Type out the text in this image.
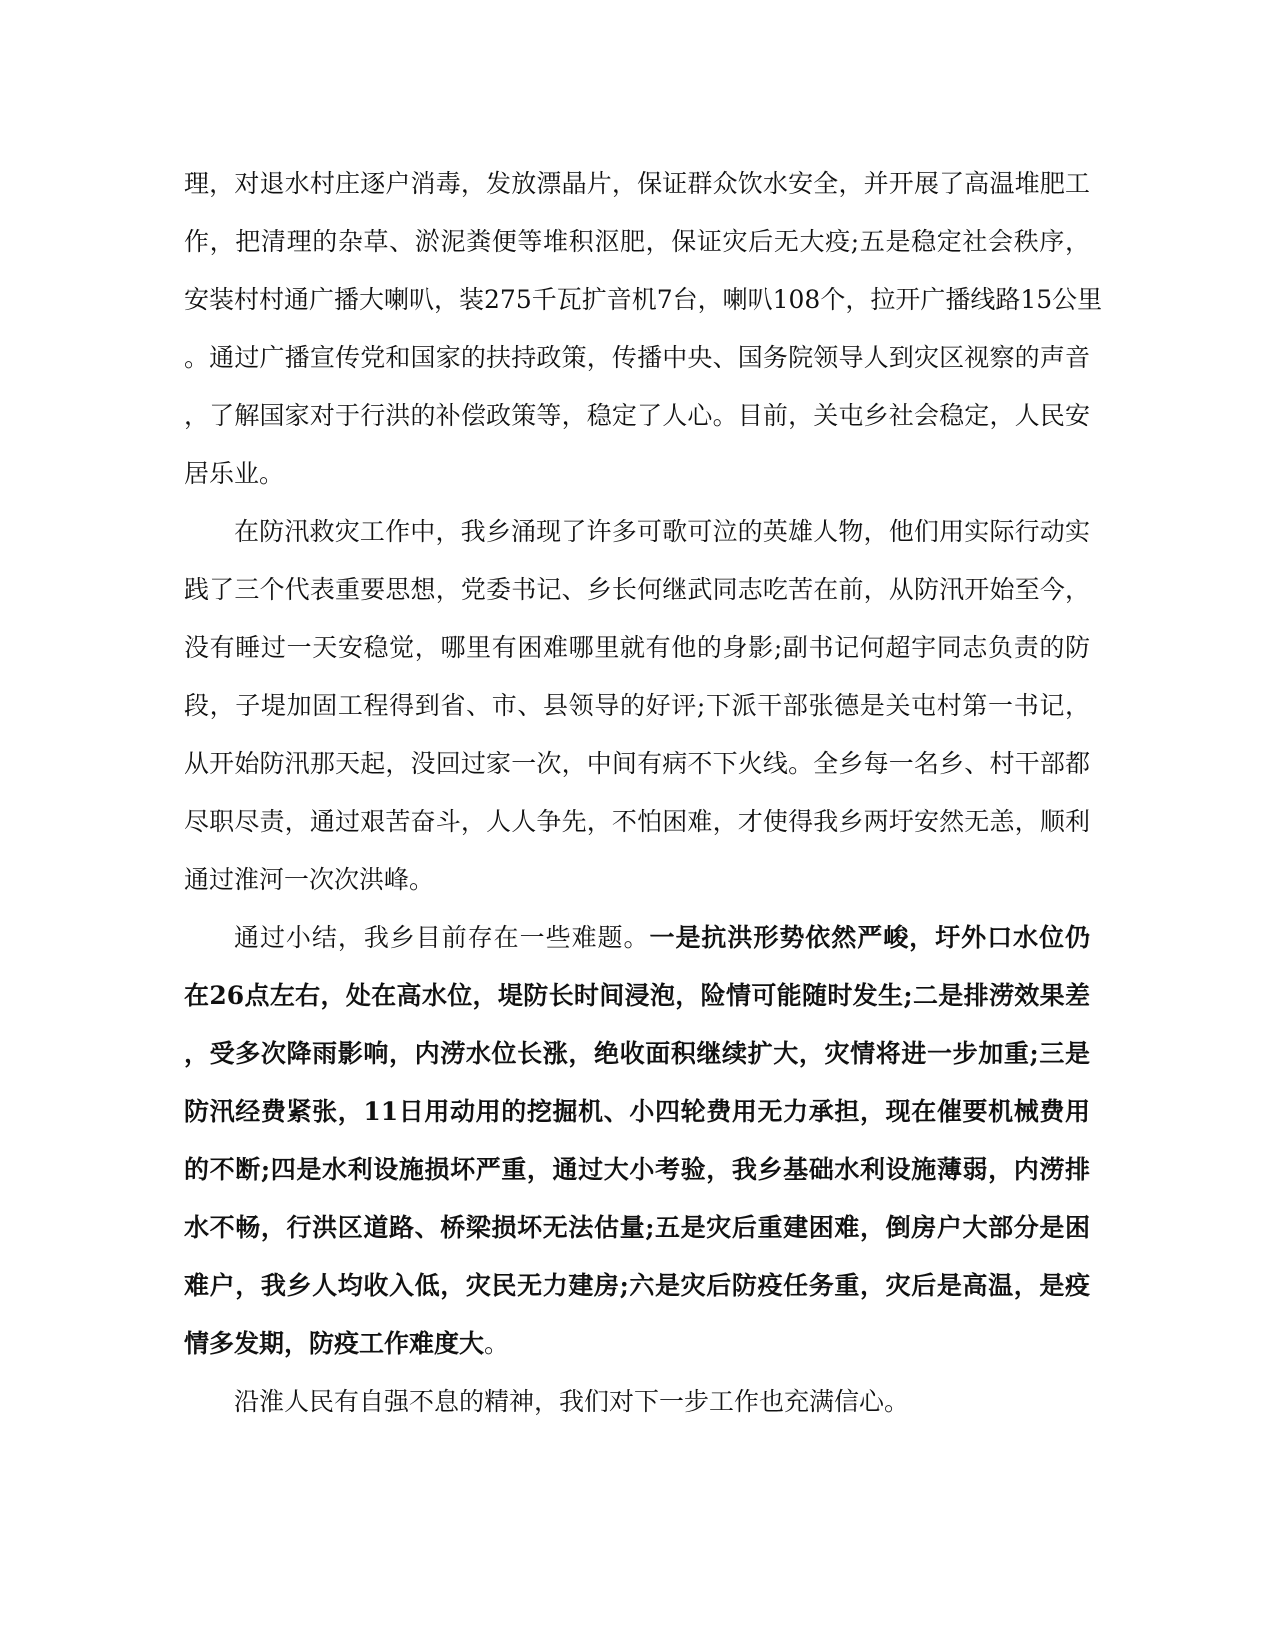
理，对退水村庄逐户消毒，发放漂晶片，保证群众饮水安全，并开展了高温堆肥工
作，把清理的杂草、淤泥粪便等堆积沤肥，保证灾后无大疫;五是稳定社会秩序，
安装村村通广播大喇叭，装275千瓦扩音机7台，喇叭108个，拉开广播线路15公里
。通过广播宣传党和国家的扶持政策，传播中央、国务院领导人到灾区视察的声音
，了解国家对于行洪的补偿政策等，稳定了人心。目前，关屯乡社会稳定，人民安
居乐业。
在防汛救灾工作中，我乡涌现了许多可歌可泣的英雄人物，他们用实际行动实
践了三个代表重要思想，党委书记、乡长何继武同志吃苦在前，从防汛开始至今，
没有睡过一天安稳觉，哪里有困难哪里就有他的身影;副书记何超宇同志负责的防
段，子堤加固工程得到省、市、县领导的好评;下派干部张德是关屯村第一书记，
从开始防汛那天起，没回过家一次，中间有病不下火线。全乡每一名乡、村干部都
尽职尽责，通过艰苦奋斗，人人争先，不怕困难，才使得我乡两圩安然无恙，顺利
通过淮河一次次洪峰。
通过小结，我乡目前存在一些难题。一是抗洪形势依然严峻，圩外口水位仍
在26点左右，处在高水位，堤防长时间浸泡，险情可能随时发生;二是排涝效果差
，受多次降雨影响，内涝水位长涨，绝收面积继续扩大，灾情将进一步加重;三是
防汛经费紧张，11日用动用的挖掘机、小四轮费用无力承担，现在催要机械费用
的不断;四是水利设施损坏严重，通过大小考验，我乡基础水利设施薄弱，内涝排
水不畅，行洪区道路、桥梁损坏无法估量;五是灾后重建困难，倒房户大部分是困
难户，我乡人均收入低，灾民无力建房;六是灾后防疫任务重，灾后是高温，是疫
情多发期，防疫工作难度大。
沿淮人民有自强不息的精神，我们对下一步工作也充满信心。
